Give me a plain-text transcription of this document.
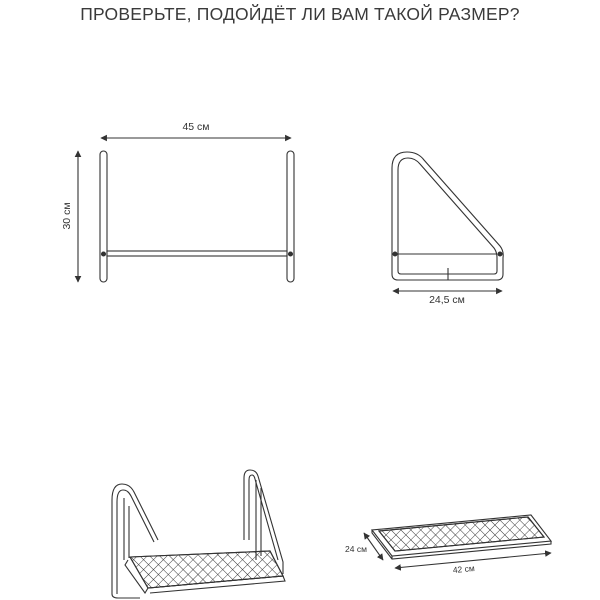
ПРОВЕРЬТЕ, ПОДОЙДЁТ ЛИ ВАМ ТАКОЙ РАЗМЕР?
45 см
30 см
24,5 см
24 см
42 см
